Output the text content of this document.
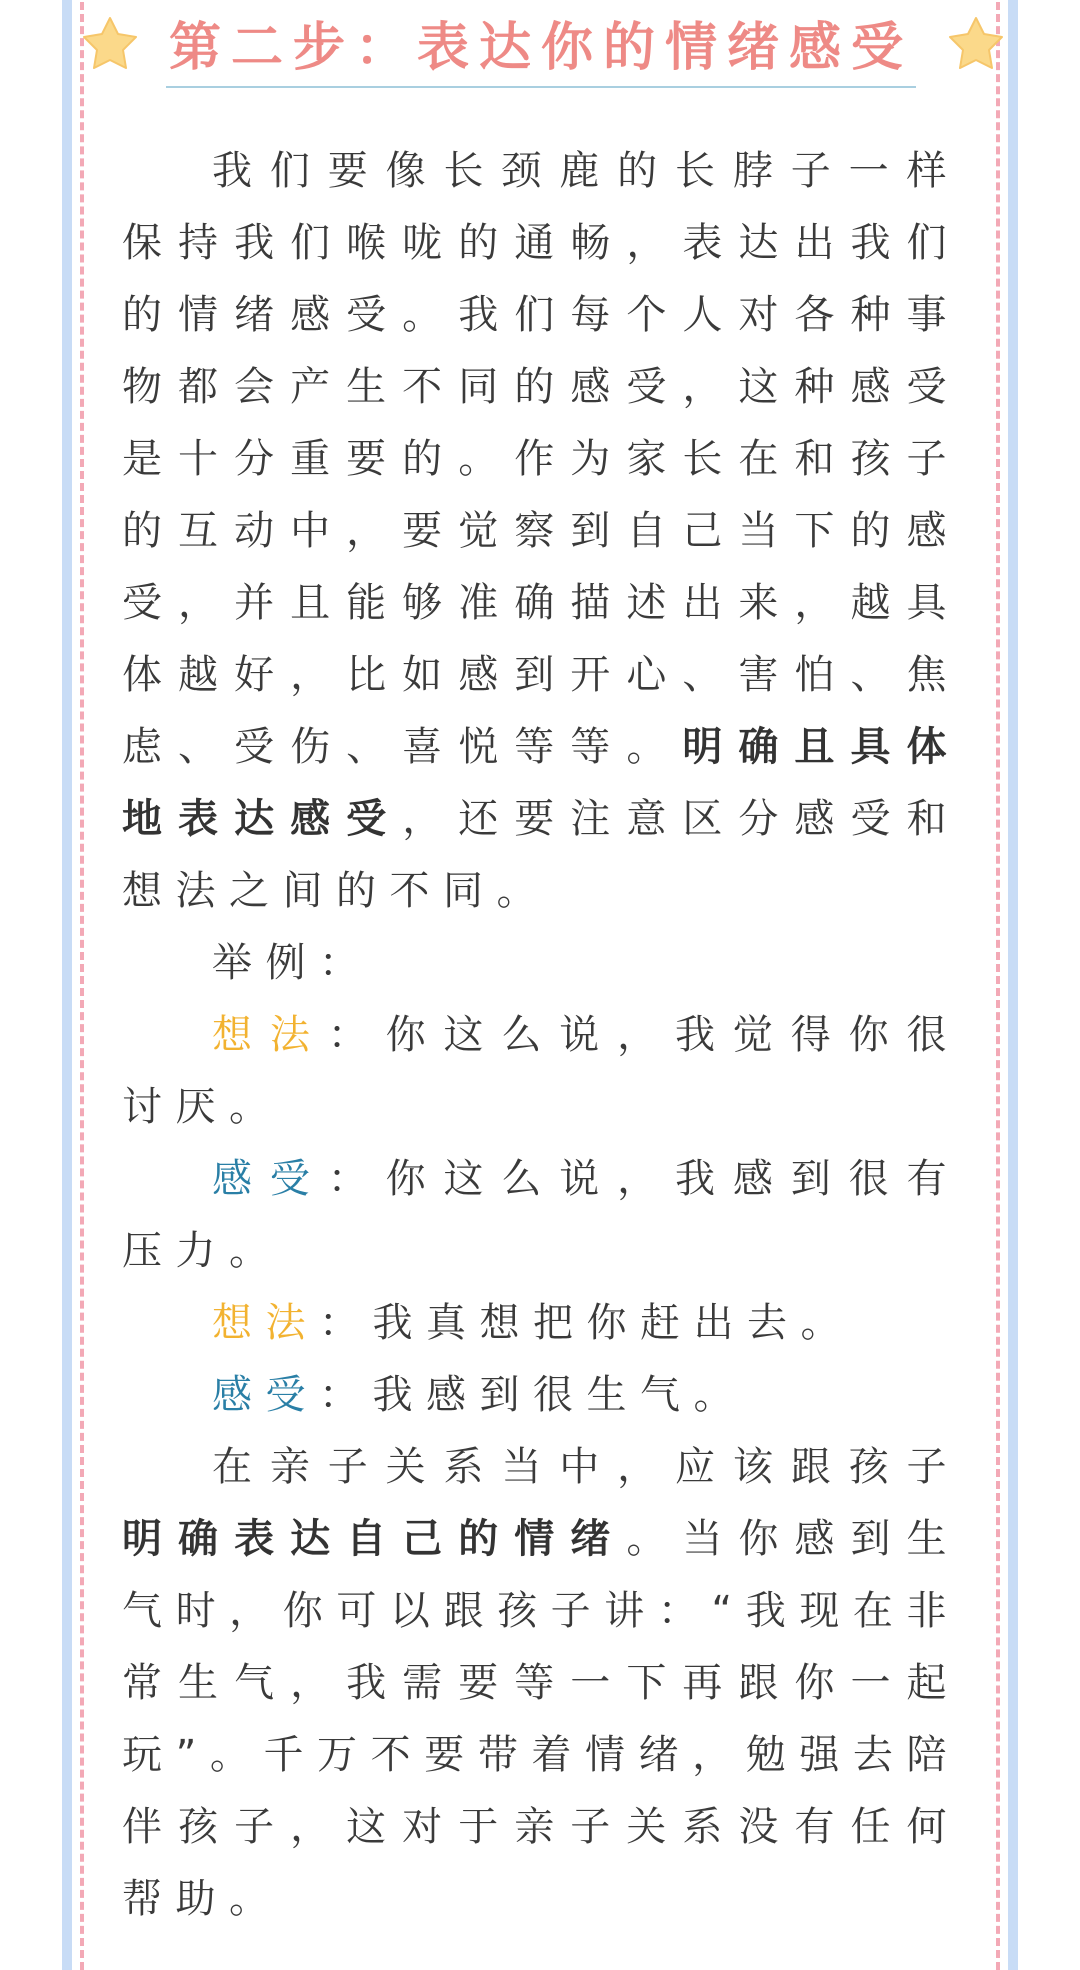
第二步：表达你的情绪感受

我们要像长颈鹿的长脖子一样保持我们喉咙的通畅，表达出我们的情绪感受。我们每个人对各种事物都会产生不同的感受，这种感受是十分重要的。作为家长在和孩子的互动中，要觉察到自己当下的感受，并且能够准确描述出来，越具体越好，比如感到开心、害怕、焦虑、受伤、喜悦等等。明确且具体地表达感受，还要注意区分感受和想法之间的不同。

举例：

想法：你这么说，我觉得你很讨厌。

感受：你这么说，我感到很有压力。

想法：我真想把你赶出去。

感受：我感到很生气。

在亲子关系当中，应该跟孩子明确表达自己的情绪。当你感到生气时，你可以跟孩子讲：“我现在非常生气，我需要等一下再跟你一起玩”。千万不要带着情绪，勉强去陪伴孩子，这对于亲子关系没有任何帮助。
